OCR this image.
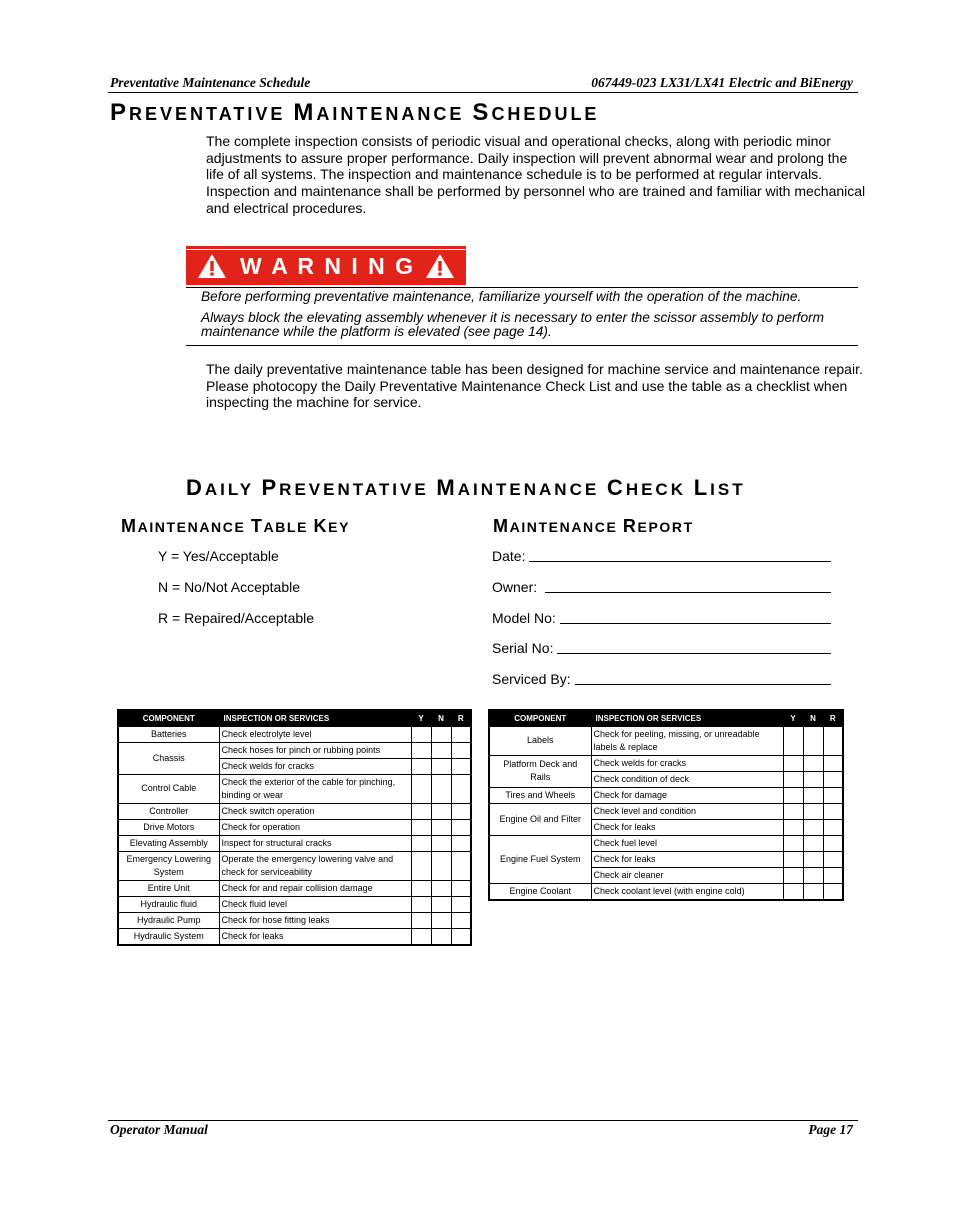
Preventative Maintenance Schedule	067449-023 LX31/LX41 Electric and BiEnergy
PREVENTATIVE MAINTENANCE SCHEDULE
The complete inspection consists of periodic visual and operational checks, along with periodic minor
adjustments to assure proper performance. Daily inspection will prevent abnormal wear and prolong the
life of all systems. The inspection and maintenance schedule is to be performed at regular intervals.
Inspection and maintenance shall be performed by personnel who are trained and familiar with mechanical
and electrical procedures.
W A R N I N G
Before performing preventative maintenance, familiarize yourself with the operation of the machine.
Always block the elevating assembly whenever it is necessary to enter the scissor assembly to perform
maintenance while the platform is elevated (see page 14).
The daily preventative maintenance table has been designed for machine service and maintenance repair.
Please photocopy the Daily Preventative Maintenance Check List and use the table as a checklist when
inspecting the machine for service.
DAILY PREVENTATIVE MAINTENANCE CHECK LIST
MAINTENANCE TABLE KEY
Y = Yes/Acceptable
N = No/Not Acceptable
R = Repaired/Acceptable
MAINTENANCE REPORT
Date:
Owner:
Model No:
Serial No:
Serviced By:
COMPONENT	INSPECTION OR SERVICES	Y	N	R
Batteries	Check electrolyte level			
Chassis	Check hoses for pinch or rubbing points			
	Check welds for cracks			
Control Cable	Check the exterior of the cable for pinching, binding or wear			
Controller	Check switch operation			
Drive Motors	Check for operation			
Elevating Assembly	Inspect for structural cracks			
Emergency Lowering System	Operate the emergency lowering valve and check for serviceability			
Entire Unit	Check for and repair collision damage			
Hydraulic fluid	Check fluid level			
Hydraulic Pump	Check for hose fitting leaks			
Hydraulic System	Check for leaks			
COMPONENT	INSPECTION OR SERVICES	Y	N	R
Labels	Check for peeling, missing, or unreadable labels & replace			
Platform Deck and Rails	Check welds for cracks			
	Check condition of deck			
Tires and Wheels	Check for damage			
Engine Oil and Filter	Check level and condition			
	Check for leaks			
Engine Fuel System	Check fuel level			
	Check for leaks			
	Check air cleaner			
Engine Coolant	Check coolant level (with engine cold)			
Operator Manual	Page 17
